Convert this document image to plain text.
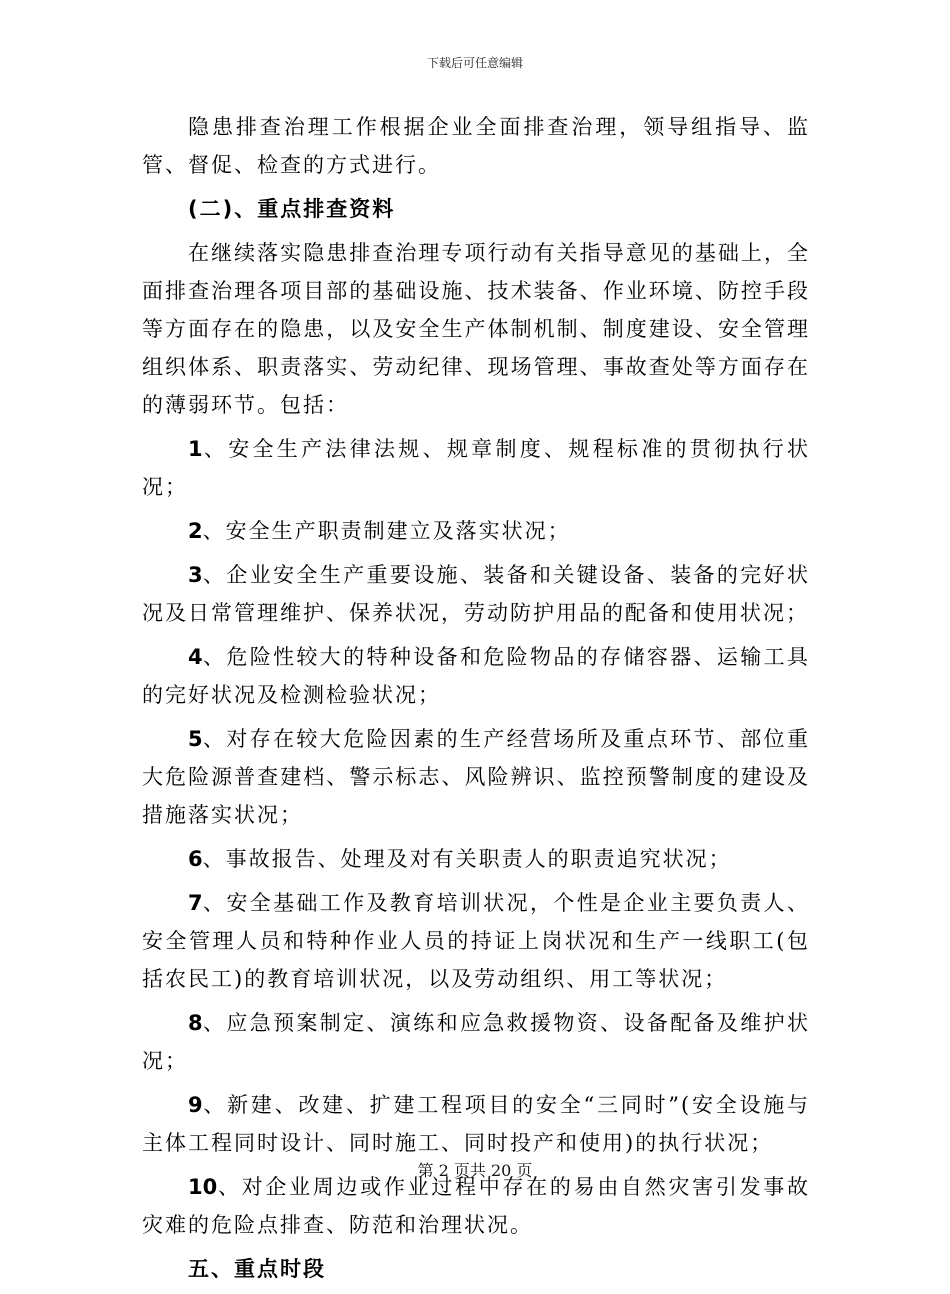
下载后可任意编辑

隐患排查治理工作根据企业全面排查治理，领导组指导、监管、督促、检查的方式进行。

(二)、重点排查资料

在继续落实隐患排查治理专项行动有关指导意见的基础上，全面排查治理各项目部的基础设施、技术装备、作业环境、防控手段等方面存在的隐患，以及安全生产体制机制、制度建设、安全管理组织体系、职责落实、劳动纪律、现场管理、事故查处等方面存在的薄弱环节。包括：

1、安全生产法律法规、规章制度、规程标准的贯彻执行状况；

2、安全生产职责制建立及落实状况；

3、企业安全生产重要设施、装备和关键设备、装备的完好状况及日常管理维护、保养状况，劳动防护用品的配备和使用状况；

4、危险性较大的特种设备和危险物品的存储容器、运输工具的完好状况及检测检验状况；

5、对存在较大危险因素的生产经营场所及重点环节、部位重大危险源普查建档、警示标志、风险辨识、监控预警制度的建设及措施落实状况；

6、事故报告、处理及对有关职责人的职责追究状况；

7、安全基础工作及教育培训状况，个性是企业主要负责人、安全管理人员和特种作业人员的持证上岗状况和生产一线职工(包括农民工)的教育培训状况，以及劳动组织、用工等状况；

8、应急预案制定、演练和应急救援物资、设备配备及维护状况；

9、新建、改建、扩建工程项目的安全“三同时”(安全设施与主体工程同时设计、同时施工、同时投产和使用)的执行状况；

10、对企业周边或作业过程中存在的易由自然灾害引发事故灾难的危险点排查、防范和治理状况。

五、重点时段

第 2 页共 20 页
